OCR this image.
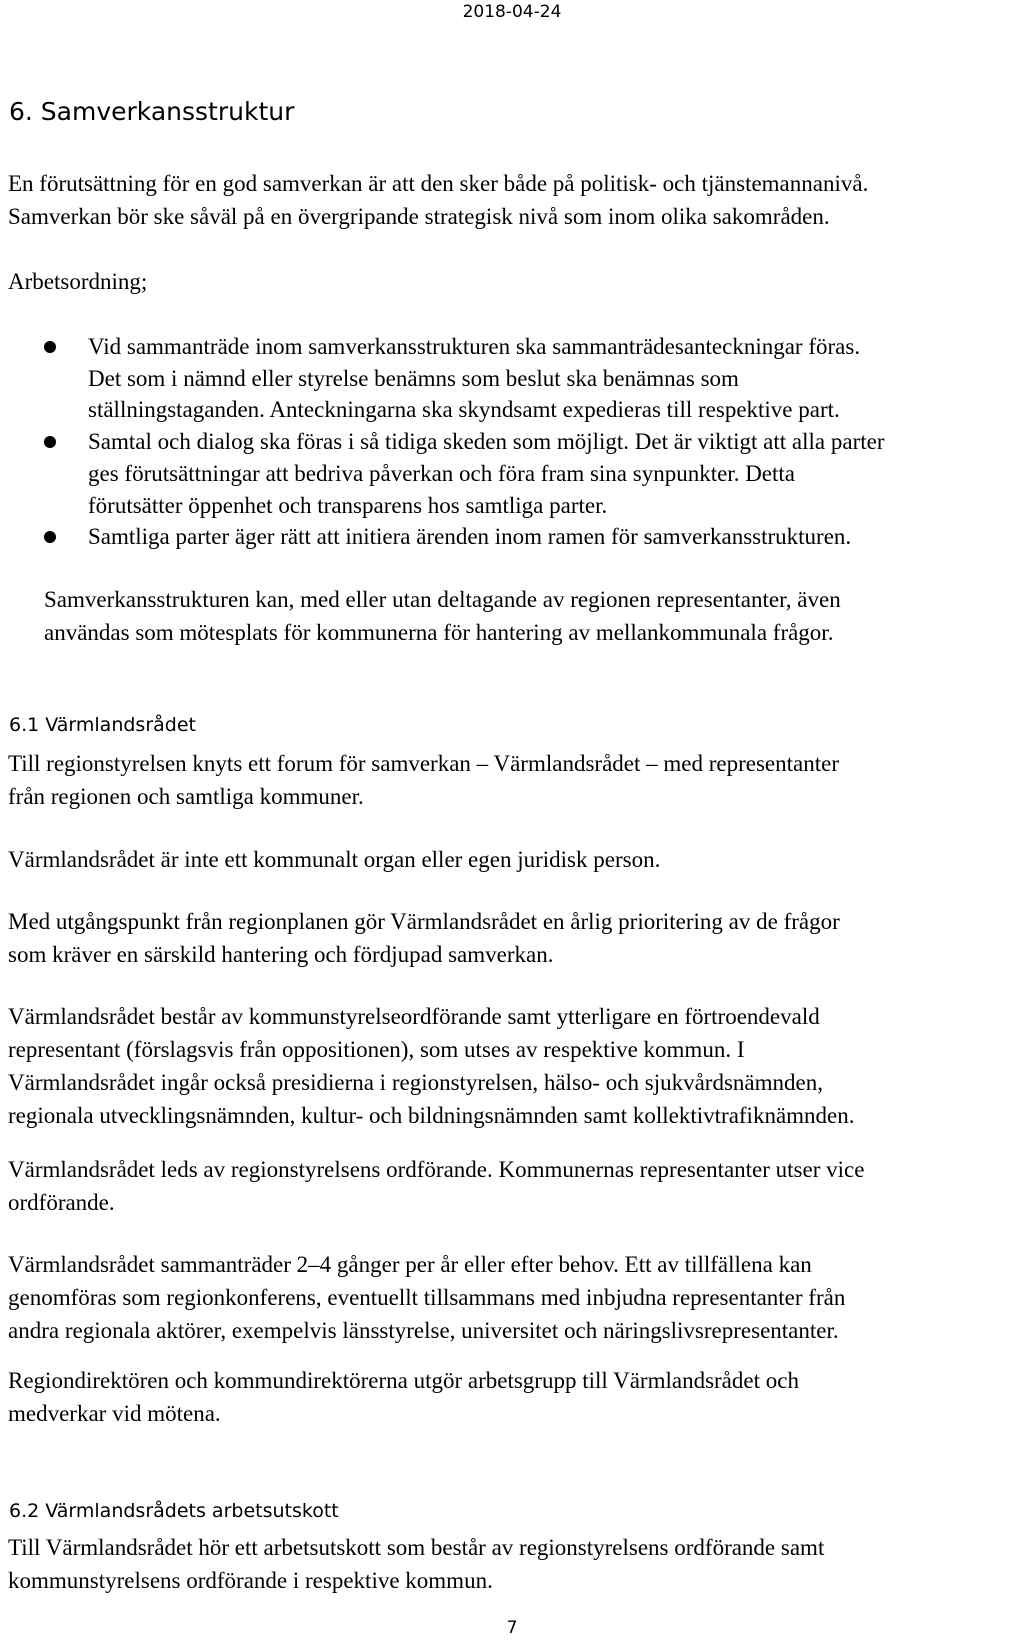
2018-04-24
6. Samverkansstruktur
En förutsättning för en god samverkan är att den sker både på politisk- och tjänstemannanivå.
Samverkan bör ske såväl på en övergripande strategisk nivå som inom olika sakområden.
Arbetsordning;
Vid sammanträde inom samverkansstrukturen ska sammanträdesanteckningar föras.
Det som i nämnd eller styrelse benämns som beslut ska benämnas som
ställningstaganden. Anteckningarna ska skyndsamt expedieras till respektive part.
Samtal och dialog ska föras i så tidiga skeden som möjligt. Det är viktigt att alla parter
ges förutsättningar att bedriva påverkan och föra fram sina synpunkter. Detta
förutsätter öppenhet och transparens hos samtliga parter.
Samtliga parter äger rätt att initiera ärenden inom ramen för samverkansstrukturen.
Samverkansstrukturen kan, med eller utan deltagande av regionen representanter, även
användas som mötesplats för kommunerna för hantering av mellankommunala frågor.
6.1 Värmlandsrådet
Till regionstyrelsen knyts ett forum för samverkan – Värmlandsrådet – med representanter
från regionen och samtliga kommuner.
Värmlandsrådet är inte ett kommunalt organ eller egen juridisk person.
Med utgångspunkt från regionplanen gör Värmlandsrådet en årlig prioritering av de frågor
som kräver en särskild hantering och fördjupad samverkan.
Värmlandsrådet består av kommunstyrelseordförande samt ytterligare en förtroendevald
representant (förslagsvis från oppositionen), som utses av respektive kommun. I
Värmlandsrådet ingår också presidierna i regionstyrelsen, hälso- och sjukvårdsnämnden,
regionala utvecklingsnämnden, kultur- och bildningsnämnden samt kollektivtrafiknämnden.
Värmlandsrådet leds av regionstyrelsens ordförande. Kommunernas representanter utser vice
ordförande.
Värmlandsrådet sammanträder 2–4 gånger per år eller efter behov. Ett av tillfällena kan
genomföras som regionkonferens, eventuellt tillsammans med inbjudna representanter från
andra regionala aktörer, exempelvis länsstyrelse, universitet och näringslivsrepresentanter.
Regiondirektören och kommundirektörerna utgör arbetsgrupp till Värmlandsrådet och
medverkar vid mötena.
6.2 Värmlandsrådets arbetsutskott
Till Värmlandsrådet hör ett arbetsutskott som består av regionstyrelsens ordförande samt
kommunstyrelsens ordförande i respektive kommun.
7
